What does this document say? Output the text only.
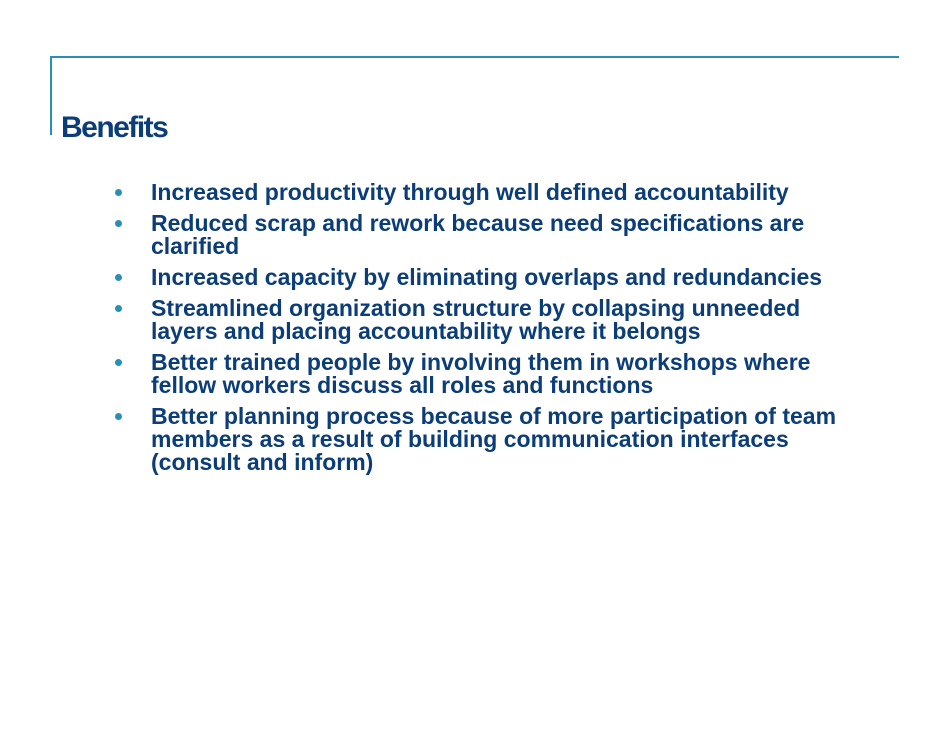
Benefits
Increased productivity through well defined accountability
Reduced scrap and rework because need specifications are clarified
Increased capacity by eliminating overlaps and redundancies
Streamlined organization structure by collapsing unneeded layers and placing accountability where it belongs
Better trained people by involving them in workshops where fellow workers discuss all roles and functions
Better planning process because of more participation of team members as a result of building communication interfaces (consult and inform)
